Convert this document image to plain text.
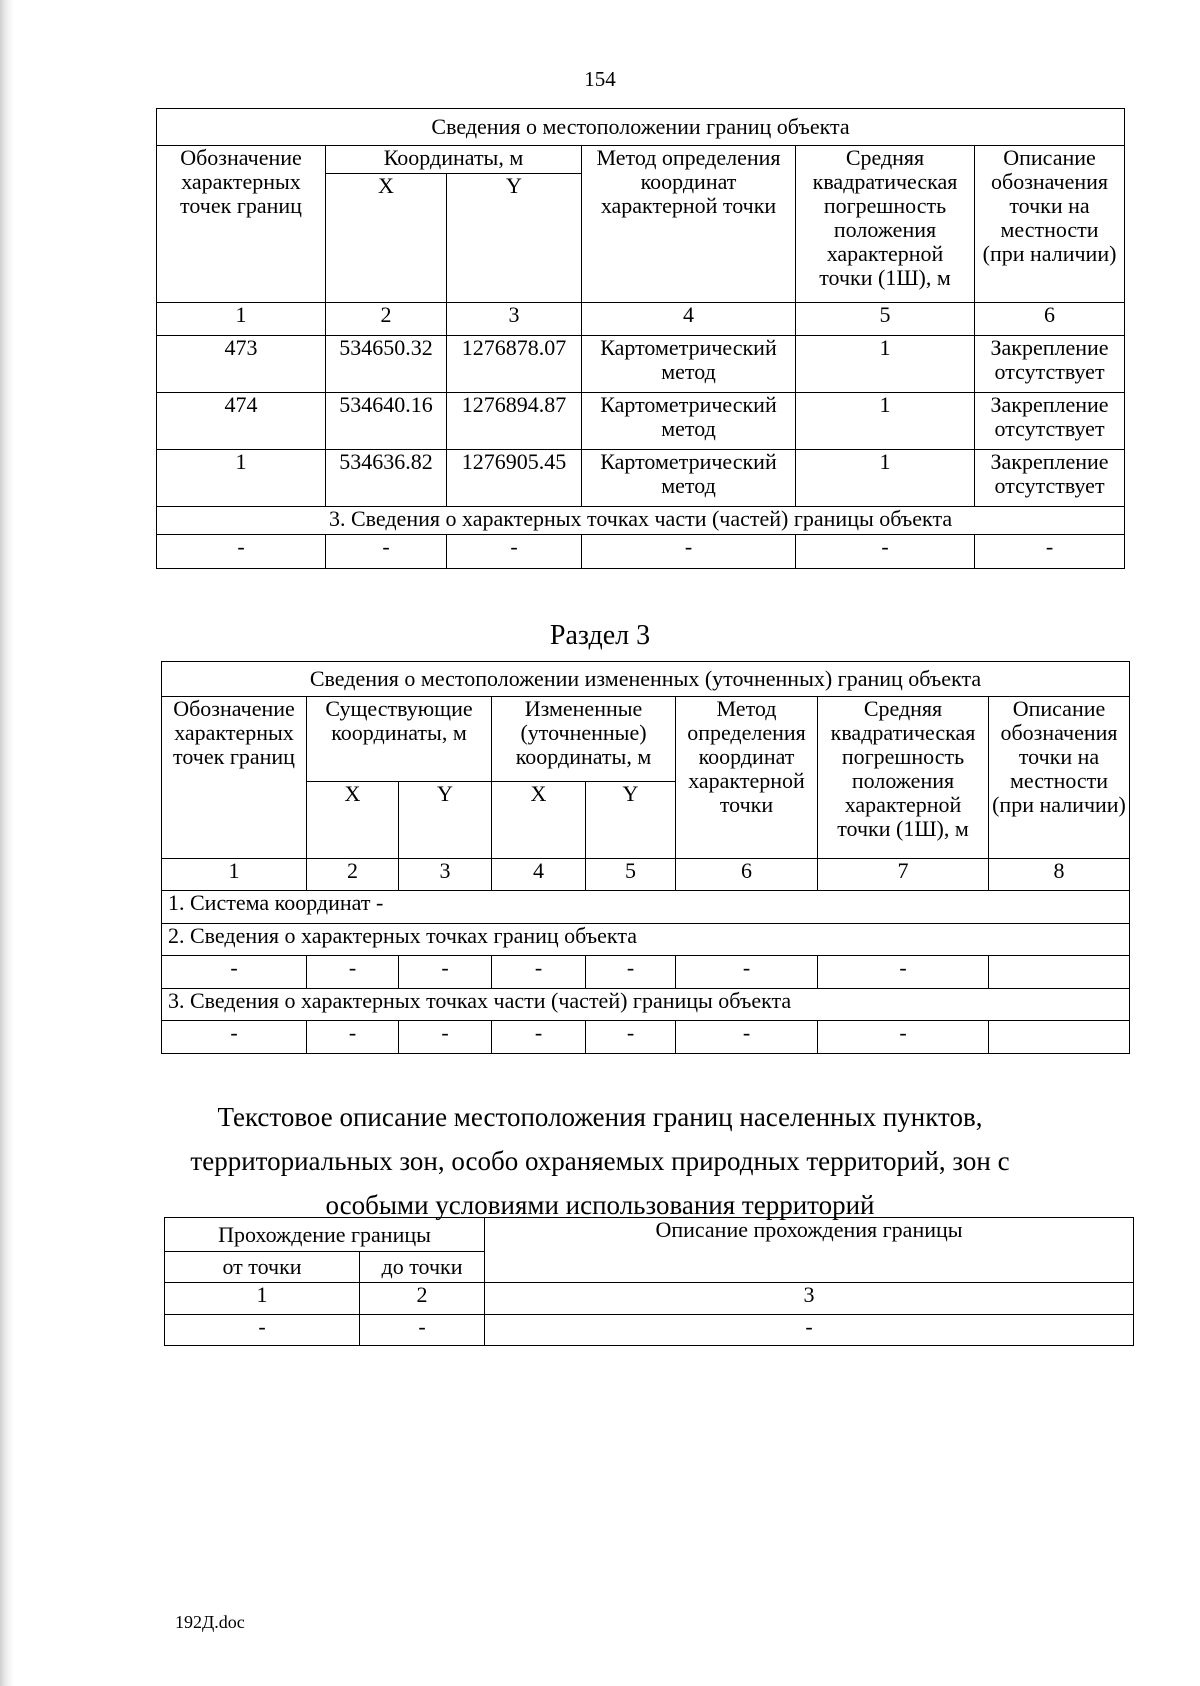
154
Сведения о местоположении границ объекта					
Обозначение характерных точек границ	Координаты, м		Метод определения координат характерной точки	Средняя квадратическая погрешность положения характерной точки (1Ш), м	Описание обозначения точки на местности (при наличии)
	X	Y			
1	2	3	4	5	6
473	534650.32	1276878.07	Картометрический метод	1	Закрепление отсутствует
474	534640.16	1276894.87	Картометрический метод	1	Закрепление отсутствует
1	534636.82	1276905.45	Картометрический метод	1	Закрепление отсутствует
3. Сведения о характерных точках части (частей) границы объекта					
-	-	-	-	-	-
Раздел 3
Сведения о местоположении измененных (уточненных) границ объекта							
Обозначение характерных точек границ	Существующие координаты, м		Измененные (уточненные) координаты, м		Метод определения координат характерной точки	Средняя квадратическая погрешность положения характерной точки (1Ш), м	Описание обозначения точки на местности (при наличии)
	X	Y	X	Y			
1	2	3	4	5	6	7	8
1. Система координат -							
2. Сведения о характерных точках границ объекта							
-	-	-	-	-	-	-	
3. Сведения о характерных точках части (частей) границы объекта							
-	-	-	-	-	-	-	
Текстовое описание местоположения границ населенных пунктов, территориальных зон, особо охраняемых природных территорий, зон с особыми условиями использования территорий
Прохождение границы		Описание прохождения границы
от точки	до точки	
1	2	3
-	-	-
192Д.doc
